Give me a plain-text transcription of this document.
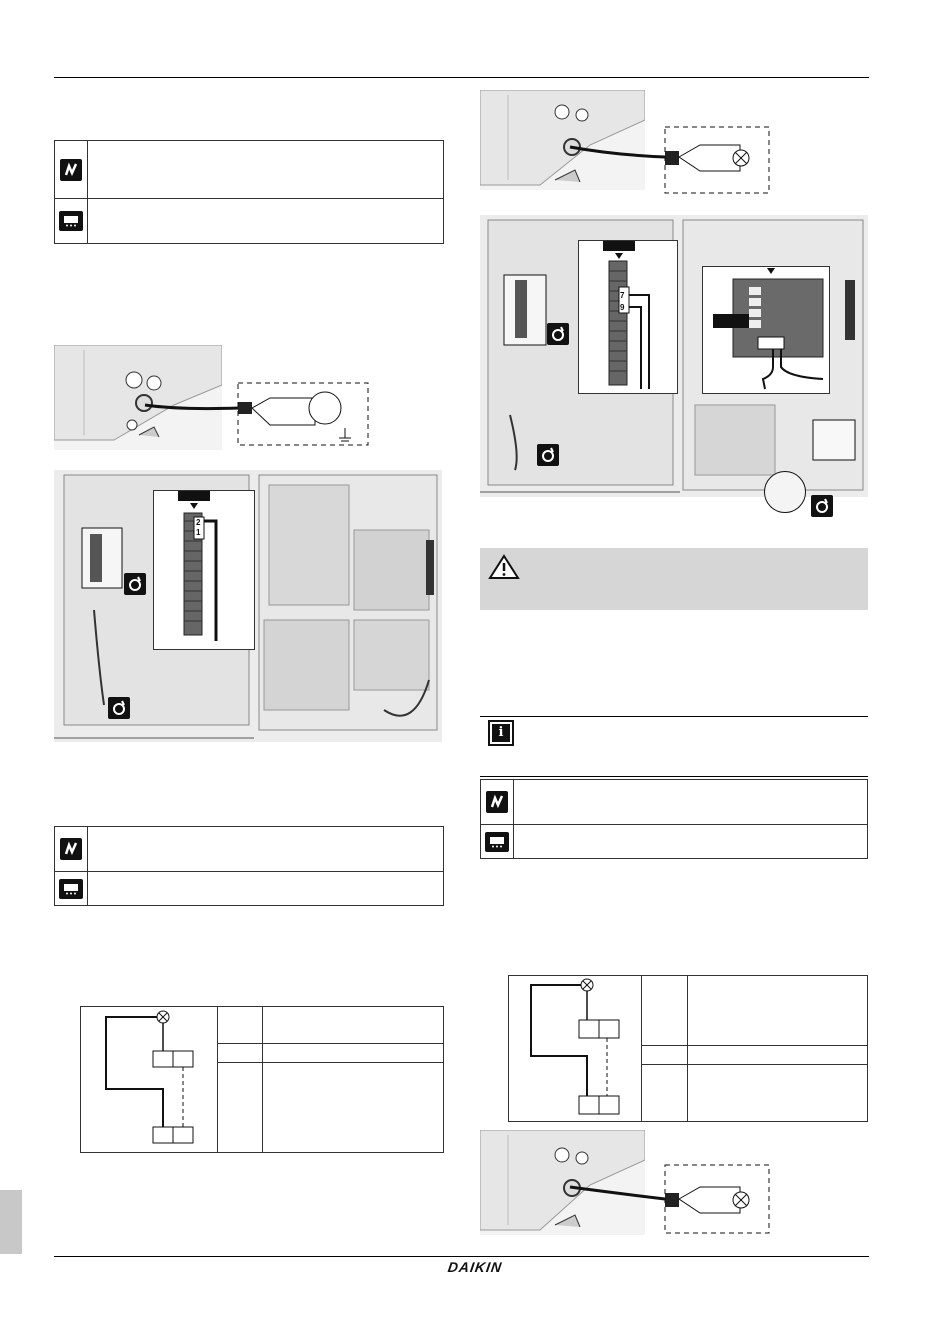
2
1
7
9
i
DAIKIN
